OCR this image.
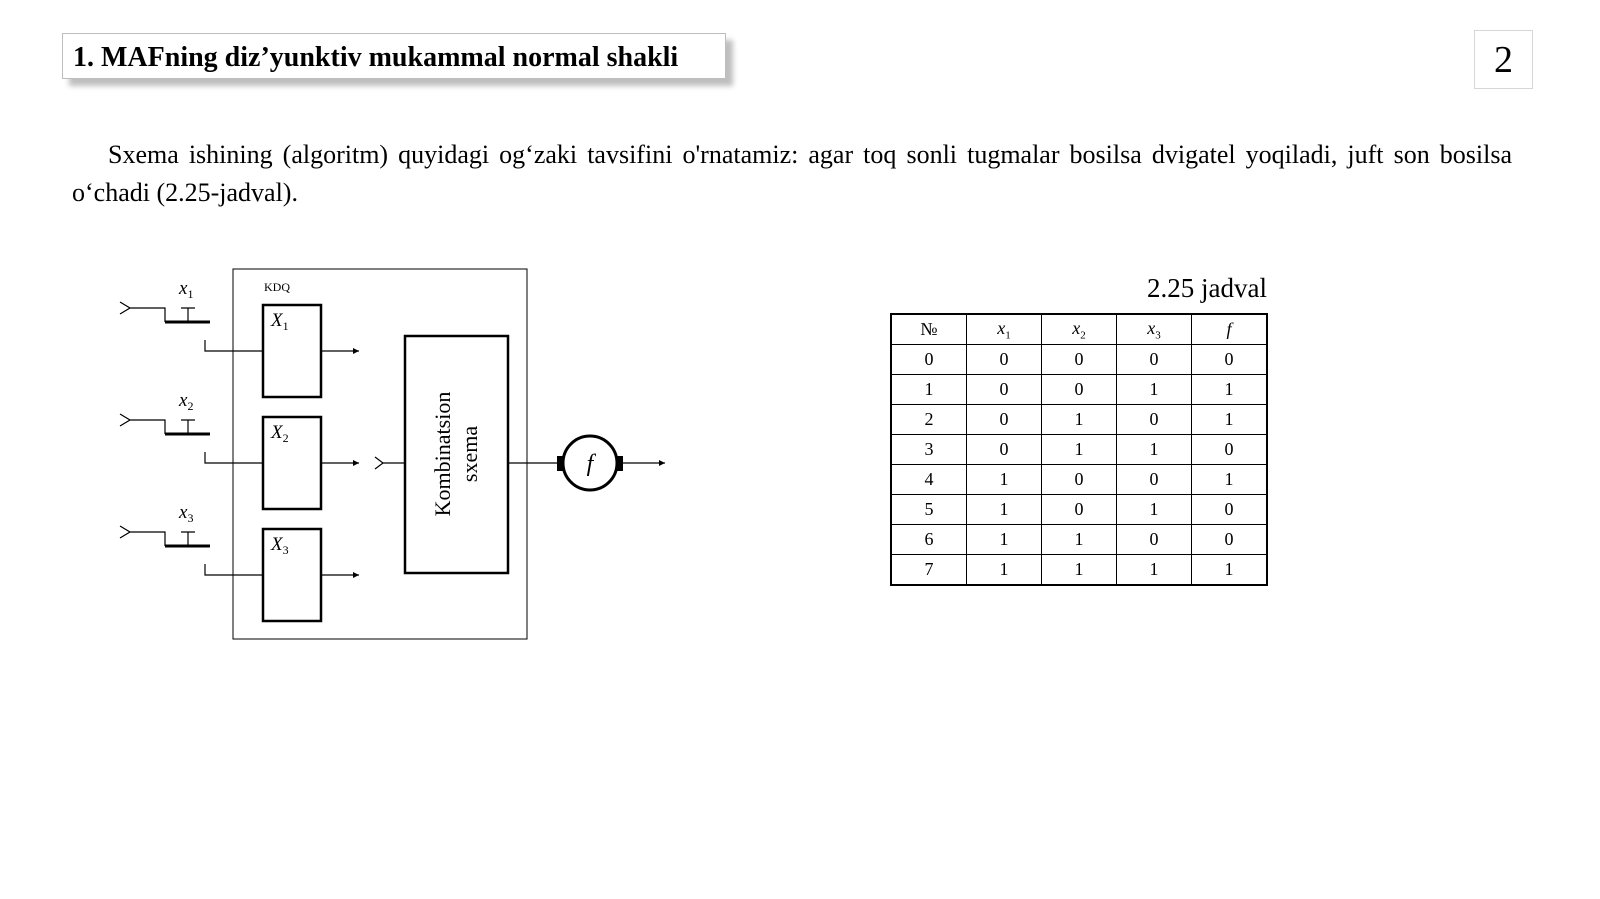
1. MAFning diz’yunktiv mukammal normal shakli	2

Sxema ishining (algoritm) quyidagi og‘zaki tavsifini o'rnatamiz: agar toq sonli tugmalar bosilsa dvigatel yoqiladi, juft son bosilsa o‘chadi (2.25-jadval).

KDQ
$x_1$
$X_1$
$x_2$
$X_2$
$x_3$
$X_3$
Kombinatsion sxema	f
2.25 jadval
№	$x_1$	$x_2$	$x_3$	f
0	0	0	0	0
1	0	0	1	1
2	0	1	0	1
3	0	1	1	0
4	1	0	0	1
5	1	0	1	0
6	1	1	0	0
7	1	1	1	1
